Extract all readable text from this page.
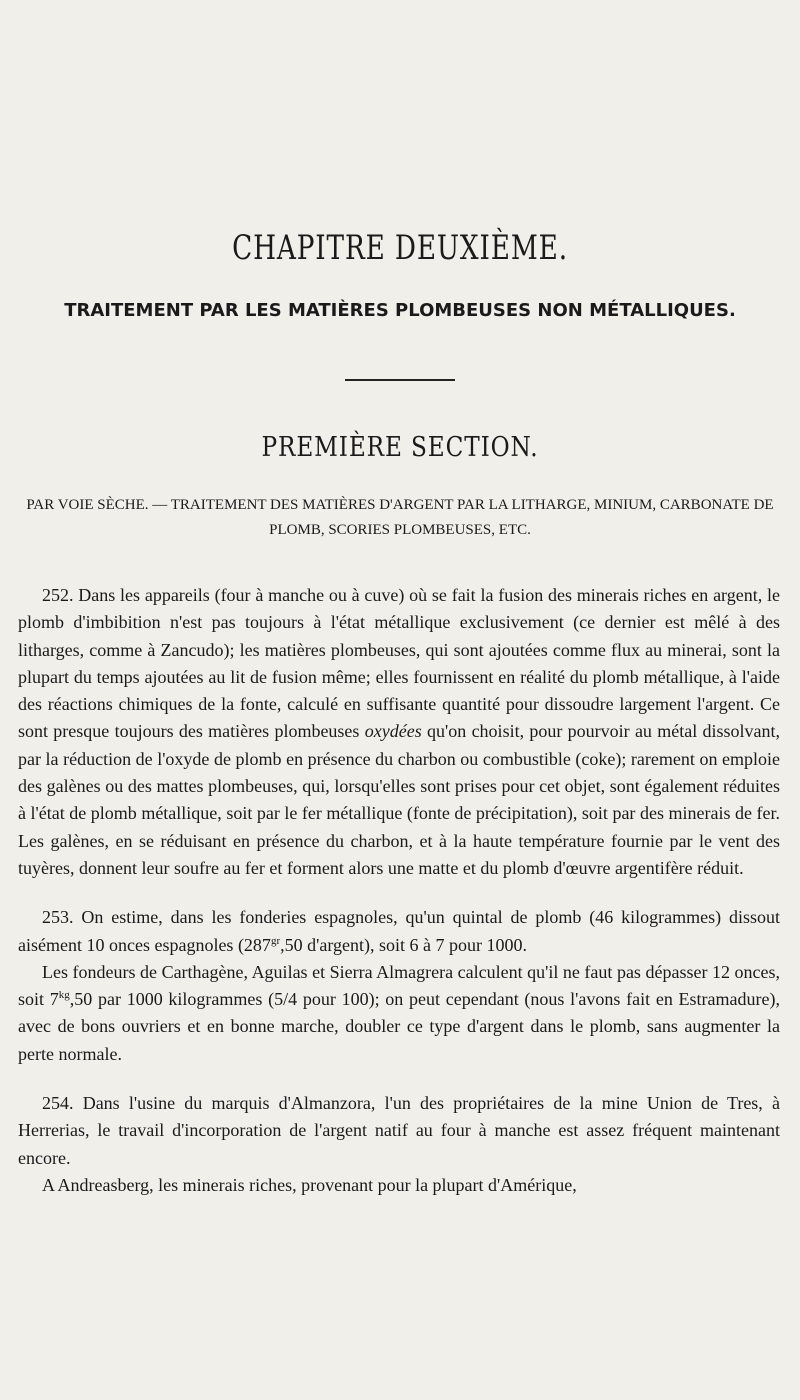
CHAPITRE DEUXIÈME.
TRAITEMENT PAR LES MATIÈRES PLOMBEUSES NON MÉTALLIQUES.
PREMIÈRE SECTION.
PAR VOIE SÈCHE. — TRAITEMENT DES MATIÈRES D'ARGENT PAR LA LITHARGE, MINIUM, CARBONATE DE PLOMB, SCORIES PLOMBEUSES, ETC.

252. Dans les appareils (four à manche ou à cuve) où se fait la fusion des minerais riches en argent, le plomb d'imbibition n'est pas toujours à l'état métallique exclusivement (ce dernier est mêlé à des litharges, comme à Zancudo); les matières plombeuses, qui sont ajoutées comme flux au minerai, sont la plupart du temps ajoutées au lit de fusion même; elles fournissent en réalité du plomb métallique, à l'aide des réactions chimiques de la fonte, calculé en suffisante quantité pour dissoudre largement l'argent. Ce sont presque toujours des matières plombeuses oxydées qu'on choisit, pour pourvoir au métal dissolvant, par la réduction de l'oxyde de plomb en présence du charbon ou combustible (coke); rarement on emploie des galènes ou des mattes plombeuses, qui, lorsqu'elles sont prises pour cet objet, sont également réduites à l'état de plomb métallique, soit par le fer métallique (fonte de précipitation), soit par des minerais de fer. Les galènes, en se réduisant en présence du charbon, et à la haute température fournie par le vent des tuyères, donnent leur soufre au fer et forment alors une matte et du plomb d'œuvre argentifère réduit.

253. On estime, dans les fonderies espagnoles, qu'un quintal de plomb (46 kilogrammes) dissout aisément 10 onces espagnoles ($287^{gr},50$ d'argent), soit 6 à 7 pour 1000.

Les fondeurs de Carthagène, Aguilas et Sierra Almagrera calculent qu'il ne faut pas dépasser 12 onces, soit $7^{kg},50$ par 1000 kilogrammes (5/4 pour 100); on peut cependant (nous l'avons fait en Estramadure), avec de bons ouvriers et en bonne marche, doubler ce type d'argent dans le plomb, sans augmenter la perte normale.

254. Dans l'usine du marquis d'Almanzora, l'un des propriétaires de la mine Union de Tres, à Herrerias, le travail d'incorporation de l'argent natif au four à manche est assez fréquent maintenant encore.

A Andreasberg, les minerais riches, provenant pour la plupart d'Amérique,
